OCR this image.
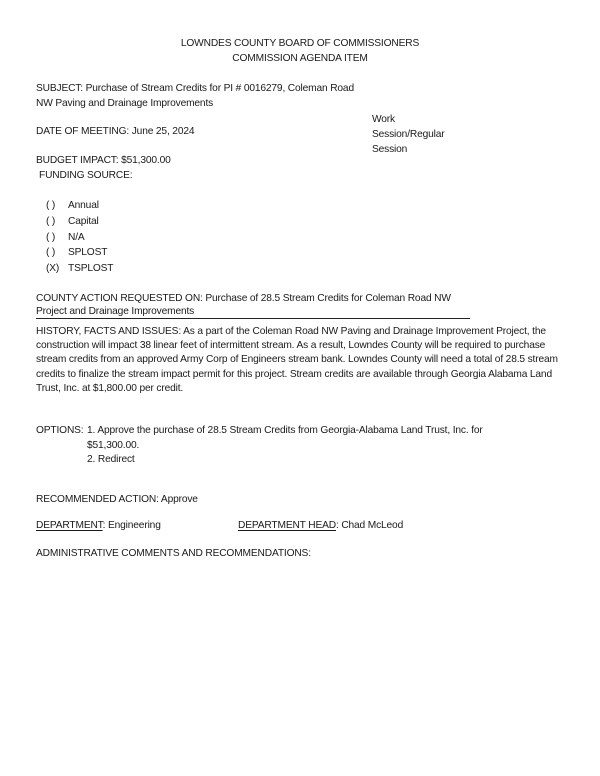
LOWNDES COUNTY BOARD OF COMMISSIONERS
COMMISSION AGENDA ITEM
SUBJECT: Purchase of Stream Credits for PI # 0016279, Coleman Road
NW Paving and Drainage Improvements
DATE OF MEETING: June 25, 2024
Work
Session/Regular
Session
BUDGET IMPACT: $51,300.00
FUNDING SOURCE:
( ) Annual
( ) Capital
( ) N/A
( ) SPLOST
(X) TSPLOST
COUNTY ACTION REQUESTED ON: Purchase of 28.5 Stream Credits for Coleman Road NW
Project and Drainage Improvements
HISTORY, FACTS AND ISSUES: As a part of the Coleman Road NW Paving and Drainage Improvement Project, the construction will impact 38 linear feet of intermittent stream. As a result, Lowndes County will be required to purchase stream credits from an approved Army Corp of Engineers stream bank. Lowndes County will need a total of 28.5 stream credits to finalize the stream impact permit for this project. Stream credits are available through Georgia Alabama Land Trust, Inc. at $1,800.00 per credit.
OPTIONS: 1. Approve the purchase of 28.5 Stream Credits from Georgia-Alabama Land Trust, Inc. for
$51,300.00.
2. Redirect
RECOMMENDED ACTION: Approve
DEPARTMENT: Engineering	DEPARTMENT HEAD: Chad McLeod
ADMINISTRATIVE COMMENTS AND RECOMMENDATIONS:
